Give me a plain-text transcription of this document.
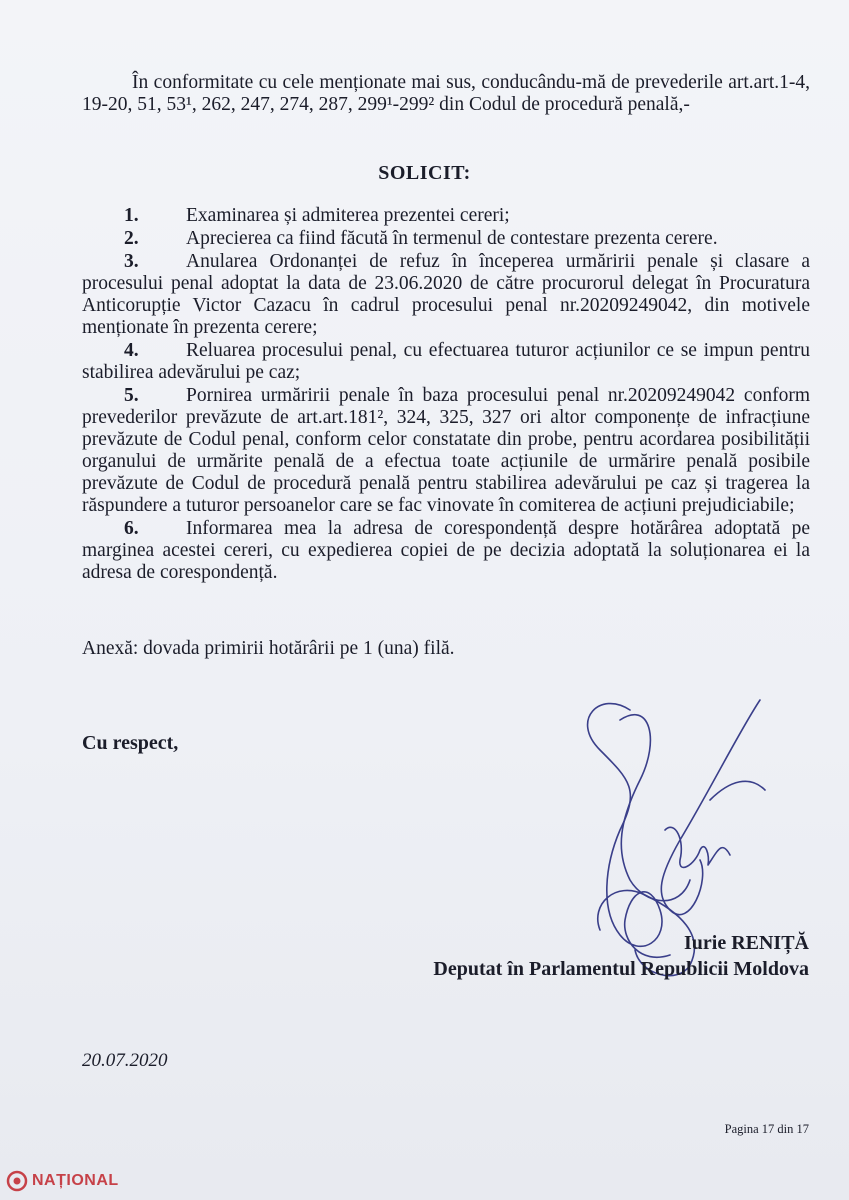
În conformitate cu cele menționate mai sus, conducându-mă de prevederile art.art.1-4, 19-20, 51, 53¹, 262, 247, 274, 287, 299¹-299² din Codul de procedură penală,-
SOLICIT:
1.	Examinarea și admiterea prezentei cereri;
2.	Aprecierea ca fiind făcută în termenul de contestare prezenta cerere.
3.	Anularea Ordonanței de refuz în începerea urmăririi penale și clasare a procesului penal adoptat la data de 23.06.2020 de către procurorul delegat în Procuratura Anticorupție Victor Cazacu în cadrul procesului penal nr.20209249042, din motivele menționate în prezenta cerere;
4.	Reluarea procesului penal, cu efectuarea tuturor acțiunilor ce se impun pentru stabilirea adevărului pe caz;
5.	Pornirea urmăririi penale în baza procesului penal nr.20209249042 conform prevederilor prevăzute de art.art.181², 324, 325, 327 ori altor componențe de infracțiune prevăzute de Codul penal, conform celor constatate din probe, pentru acordarea posibilității organului de urmărite penală de a efectua toate acțiunile de urmărire penală posibile prevăzute de Codul de procedură penală pentru stabilirea adevărului pe caz și tragerea la răspundere a tuturor persoanelor care se fac vinovate în comiterea de acțiuni prejudiciabile;
6.	Informarea mea la adresa de corespondență despre hotărârea adoptată pe marginea acestei cereri, cu expedierea copiei de pe decizia adoptată la soluționarea ei la adresa de corespondență.
Anexă: dovada primirii hotărârii pe 1 (una) filă.
Cu respect,
Iurie RENIȚĂ
Deputat în Parlamentul Republicii Moldova
20.07.2020
Pagina 17 din 17
NAȚIONAL
